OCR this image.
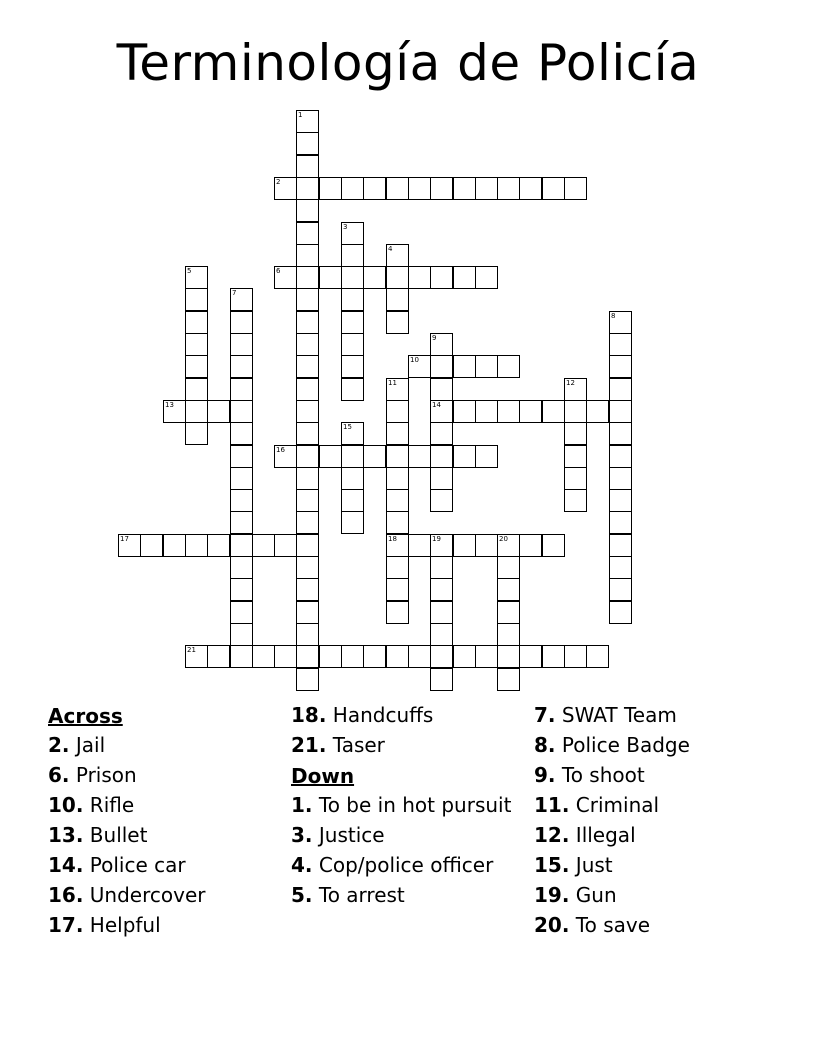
Terminología de Policía
1
2
3
4
5	6
7
8
9
14
10
11	12
13
15
16
17	18	19	20
21
Across
2. Jail
6. Prison
10. Rifle
13. Bullet
14. Police car
16. Undercover
17. Helpful
18. Handcuffs
21. Taser
Down
1. To be in hot pursuit
3. Justice
4. Cop/police officer
5. To arrest
7. SWAT Team
8. Police Badge
9. To shoot
11. Criminal
12. Illegal
15. Just
19. Gun
20. To save
